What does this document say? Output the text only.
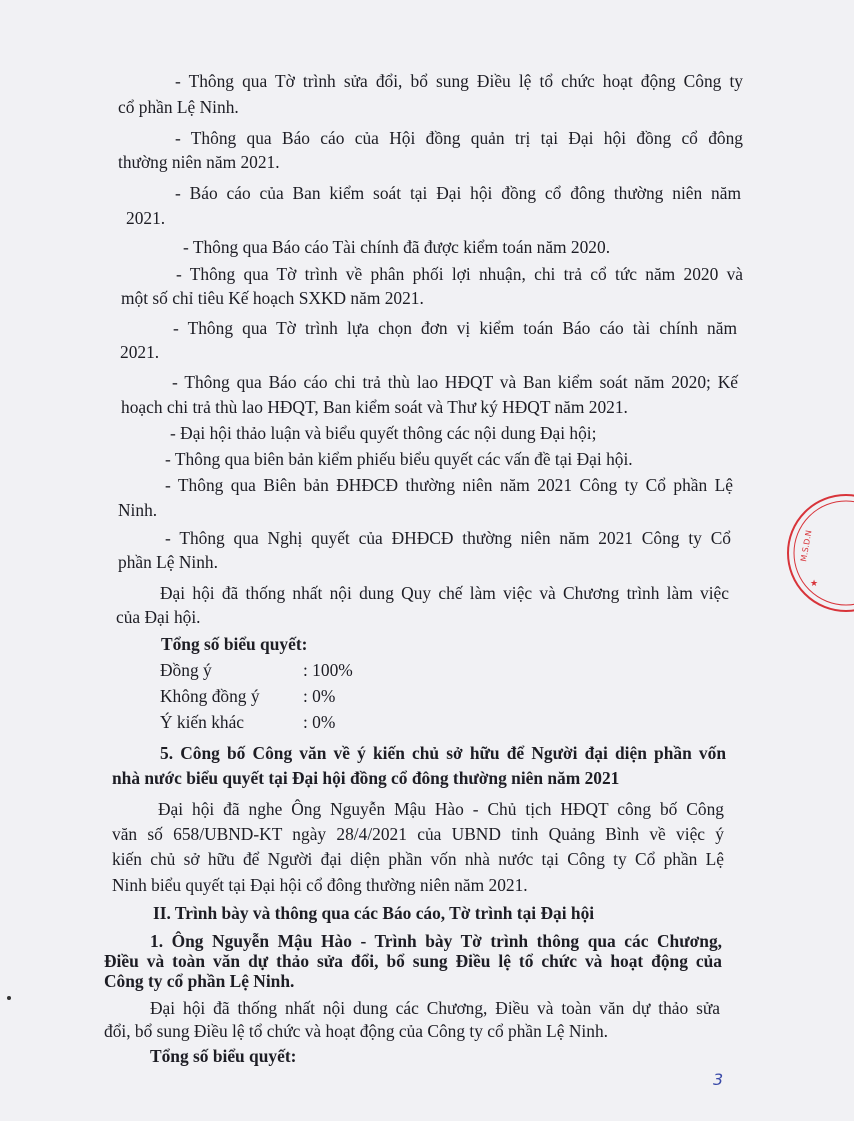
- Thông qua Tờ trình sửa đổi, bổ sung Điều lệ tổ chức hoạt động Công ty
cổ phần Lệ Ninh.
- Thông qua Báo cáo của Hội đồng quản trị tại Đại hội đồng cổ đông
thường niên năm 2021.
- Báo cáo của Ban kiểm soát tại Đại hội đồng cổ đông thường niên năm
2021.
- Thông qua Báo cáo Tài chính đã được kiểm toán năm 2020.
- Thông qua Tờ trình về phân phối lợi nhuận, chi trả cổ tức năm 2020 và
một số chỉ tiêu Kế hoạch SXKD năm 2021.
- Thông qua Tờ trình lựa chọn đơn vị kiểm toán Báo cáo tài chính năm
2021.
- Thông qua Báo cáo chi trả thù lao HĐQT và Ban kiểm soát năm 2020; Kế
hoạch chi trả thù lao HĐQT, Ban kiểm soát và Thư ký HĐQT năm 2021.
- Đại hội thảo luận và biểu quyết thông các nội dung Đại hội;
- Thông qua biên bản kiểm phiếu biểu quyết các vấn đề tại Đại hội.
- Thông qua Biên bản ĐHĐCĐ thường niên năm 2021 Công ty Cổ phần Lệ
Ninh.
- Thông qua Nghị quyết của ĐHĐCĐ thường niên năm 2021 Công ty Cổ
phần Lệ Ninh.
Đại hội đã thống nhất nội dung Quy chế làm việc và Chương trình làm việc
của Đại hội.
Tổng số biểu quyết:
Đồng ý	: 100%
Không đồng ý : 0%
Ý kiến khác	: 0%
5. Công bố Công văn về ý kiến chủ sở hữu để Người đại diện phần vốn
nhà nước biểu quyết tại Đại hội đồng cổ đông thường niên năm 2021
Đại hội đã nghe Ông Nguyễn Mậu Hào - Chủ tịch HĐQT công bố Công
văn số 658/UBND-KT ngày 28/4/2021 của UBND tỉnh Quảng Bình về việc ý
kiến chủ sở hữu để Người đại diện phần vốn nhà nước tại Công ty Cổ phần Lệ
Ninh biểu quyết tại Đại hội cổ đông thường niên năm 2021.
II. Trình bày và thông qua các Báo cáo, Tờ trình tại Đại hội
1. Ông Nguyễn Mậu Hào - Trình bày Tờ trình thông qua các Chương,
Điều và toàn văn dự thảo sửa đổi, bổ sung Điều lệ tổ chức và hoạt động của
Công ty cổ phần Lệ Ninh.
Đại hội đã thống nhất nội dung các Chương, Điều và toàn văn dự thảo sửa
đổi, bổ sung Điều lệ tổ chức và hoạt động của Công ty cổ phần Lệ Ninh.
Tổng số biểu quyết:
3
M.S.D.N
★
